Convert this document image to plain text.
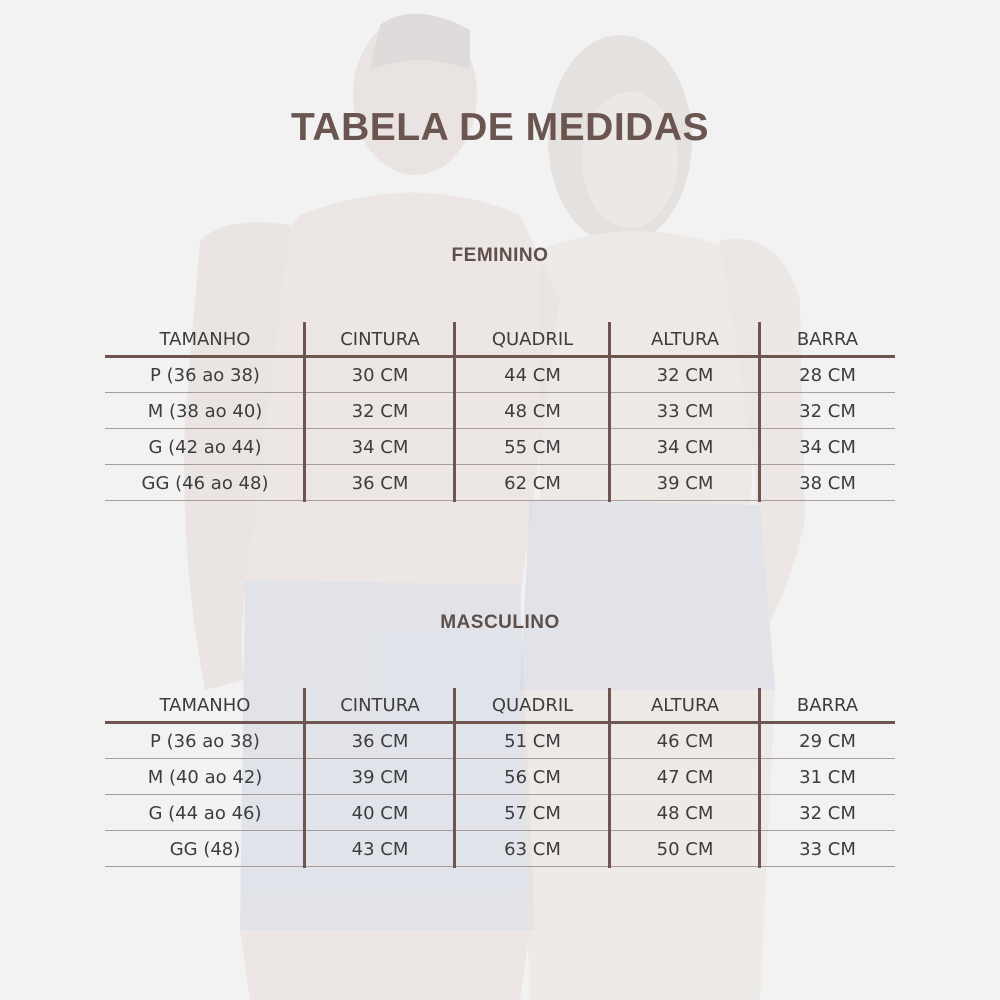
TABELA DE MEDIDAS
FEMININO
TAMANHO	CINTURA	QUADRIL	ALTURA	BARRA
P (36 ao 38)	30 CM	44 CM	32 CM	28 CM
M (38 ao 40)	32 CM	48 CM	33 CM	32 CM
G (42 ao 44)	34 CM	55 CM	34 CM	34 CM
GG (46 ao 48)	36 CM	62 CM	39 CM	38 CM
MASCULINO
TAMANHO	CINTURA	QUADRIL	ALTURA	BARRA
P (36 ao 38)	36 CM	51 CM	46 CM	29 CM
M (40 ao 42)	39 CM	56 CM	47 CM	31 CM
G (44 ao 46)	40 CM	57 CM	48 CM	32 CM
GG (48)	43 CM	63 CM	50 CM	33 CM
